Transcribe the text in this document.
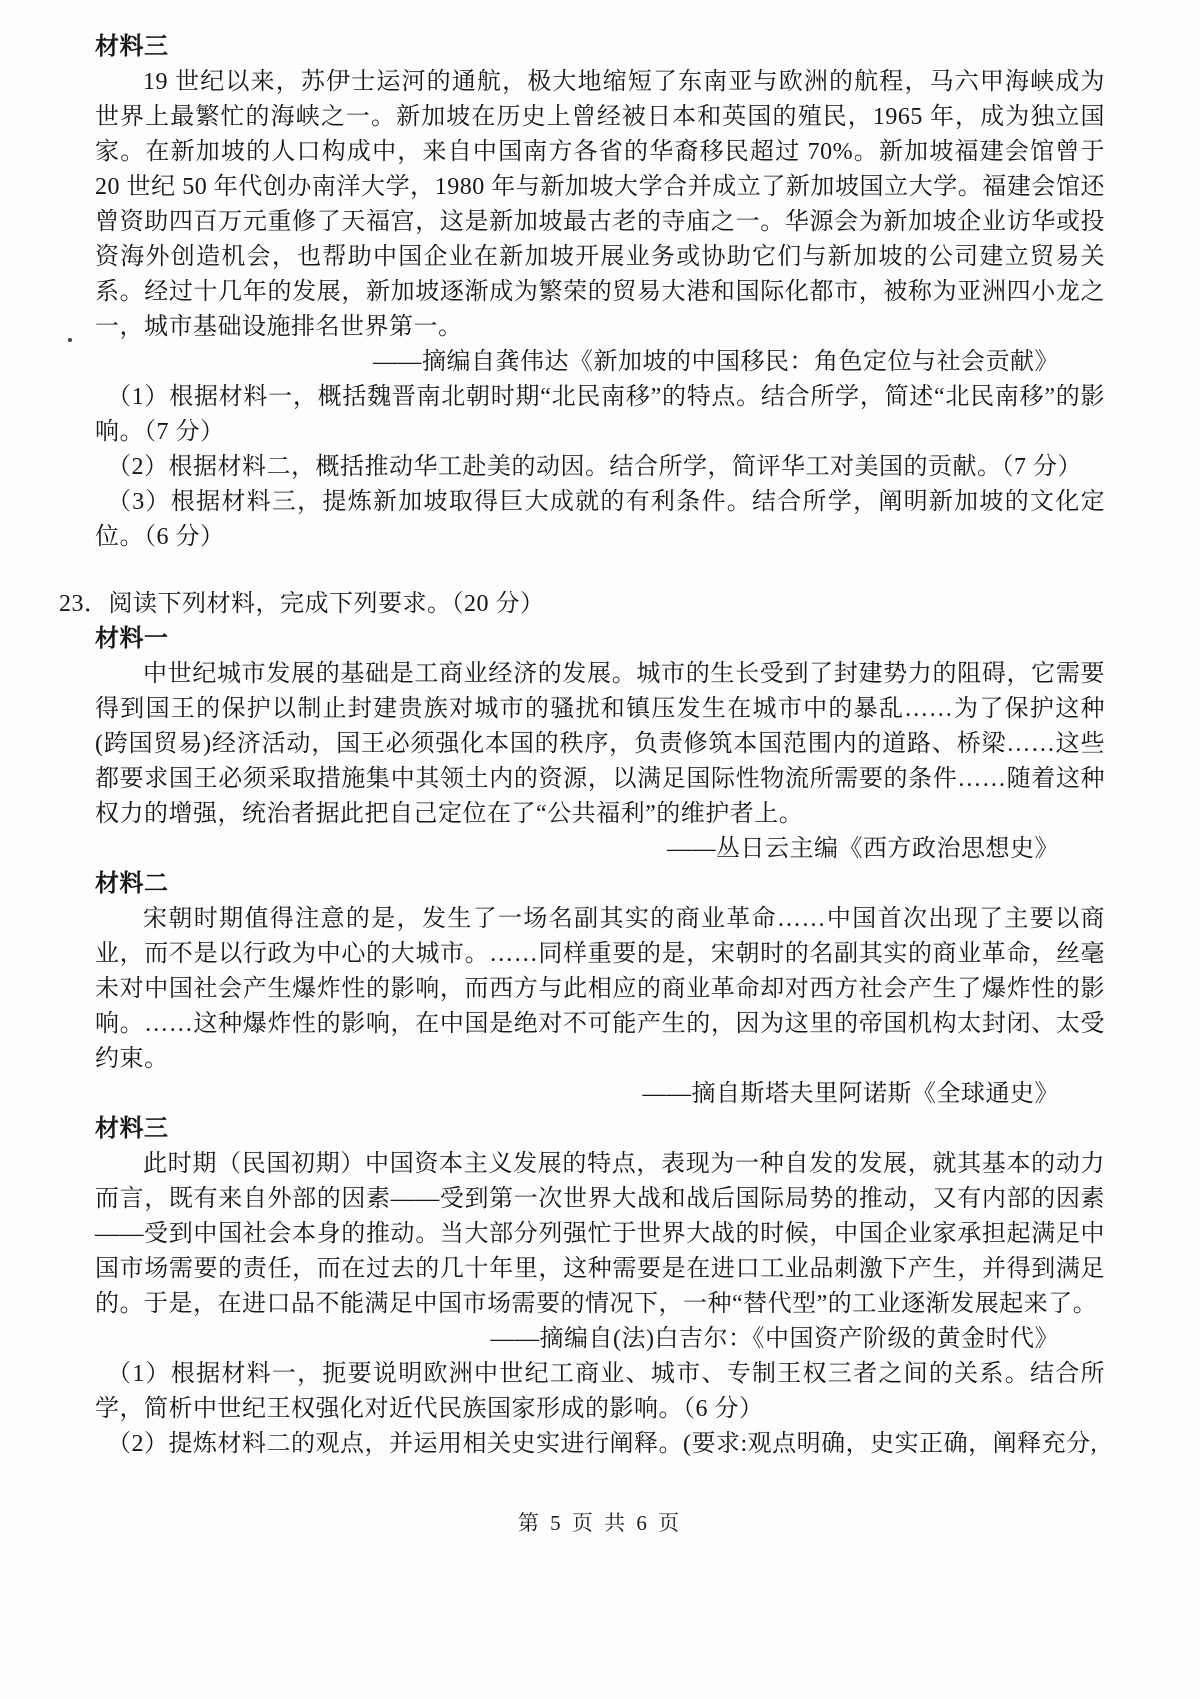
材料三

19 世纪以来，苏伊士运河的通航，极大地缩短了东南亚与欧洲的航程，马六甲海峡成为世界上最繁忙的海峡之一。新加坡在历史上曾经被日本和英国的殖民，1965 年，成为独立国家。在新加坡的人口构成中，来自中国南方各省的华裔移民超过 70%。新加坡福建会馆曾于 20 世纪 50 年代创办南洋大学，1980 年与新加坡大学合并成立了新加坡国立大学。福建会馆还曾资助四百万元重修了天福宫，这是新加坡最古老的寺庙之一。华源会为新加坡企业访华或投资海外创造机会，也帮助中国企业在新加坡开展业务或协助它们与新加坡的公司建立贸易关系。经过十几年的发展，新加坡逐渐成为繁荣的贸易大港和国际化都市，被称为亚洲四小龙之一，城市基础设施排名世界第一。

——摘编自龚伟达《新加坡的中国移民：角色定位与社会贡献》

（1）根据材料一，概括魏晋南北朝时期“北民南移”的特点。结合所学，简述“北民南移”的影响。（7 分）

（2）根据材料二，概括推动华工赴美的动因。结合所学，简评华工对美国的贡献。（7 分）

（3）根据材料三，提炼新加坡取得巨大成就的有利条件。结合所学，阐明新加坡的文化定位。（6 分）

23．阅读下列材料，完成下列要求。（20 分）

材料一

中世纪城市发展的基础是工商业经济的发展。城市的生长受到了封建势力的阻碍，它需要得到国王的保护以制止封建贵族对城市的骚扰和镇压发生在城市中的暴乱……为了保护这种(跨国贸易)经济活动，国王必须强化本国的秩序，负责修筑本国范围内的道路、桥梁……这些都要求国王必须采取措施集中其领土内的资源，以满足国际性物流所需要的条件……随着这种权力的增强，统治者据此把自己定位在了“公共福利”的维护者上。

——丛日云主编《西方政治思想史》

材料二

宋朝时期值得注意的是，发生了一场名副其实的商业革命……中国首次出现了主要以商业，而不是以行政为中心的大城市。……同样重要的是，宋朝时的名副其实的商业革命，丝毫未对中国社会产生爆炸性的影响，而西方与此相应的商业革命却对西方社会产生了爆炸性的影响。……这种爆炸性的影响，在中国是绝对不可能产生的，因为这里的帝国机构太封闭、太受约束。

——摘自斯塔夫里阿诺斯《全球通史》

材料三

此时期（民国初期）中国资本主义发展的特点，表现为一种自发的发展，就其基本的动力而言，既有来自外部的因素——受到第一次世界大战和战后国际局势的推动，又有内部的因素——受到中国社会本身的推动。当大部分列强忙于世界大战的时候，中国企业家承担起满足中国市场需要的责任，而在过去的几十年里，这种需要是在进口工业品刺激下产生，并得到满足的。于是，在进口品不能满足中国市场需要的情况下，一种“替代型”的工业逐渐发展起来了。

——摘编自(法)白吉尔：《中国资产阶级的黄金时代》

（1）根据材料一，扼要说明欧洲中世纪工商业、城市、专制王权三者之间的关系。结合所学，简析中世纪王权强化对近代民族国家形成的影响。（6 分）

（2）提炼材料二的观点，并运用相关史实进行阐释。(要求:观点明确，史实正确，阐释充分,

第 5 页 共 6 页
